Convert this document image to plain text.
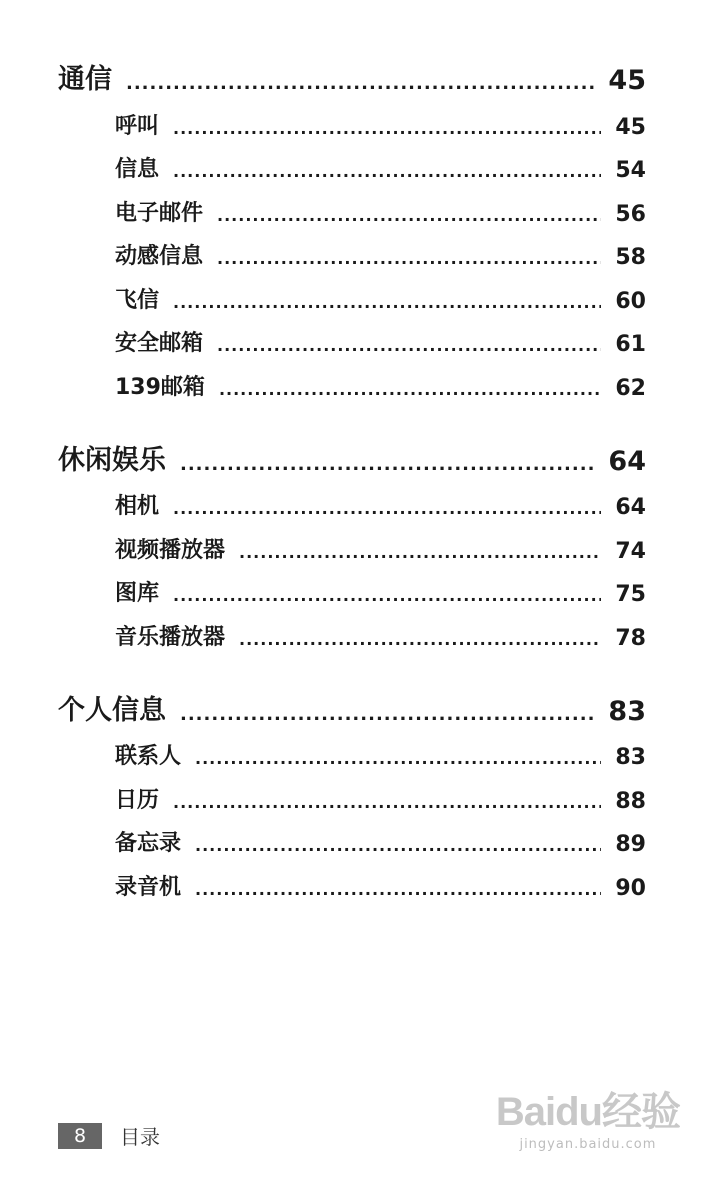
通信 .....	45
呼叫 .....	45
信息 .....	54
电子邮件 .....	56
动感信息 .....	58
飞信 .....	60
安全邮箱 .....	61
139邮箱 .....	62
休闲娱乐 .....	64
相机 .....	64
视频播放器 .....	74
图库 .....	75
音乐播放器 .....	78
个人信息 .....	83
联系人 .....	83
日历 .....	88
备忘录 .....	89
录音机 .....	90
8	目录
Baidu经验
jingyan.baidu.com
